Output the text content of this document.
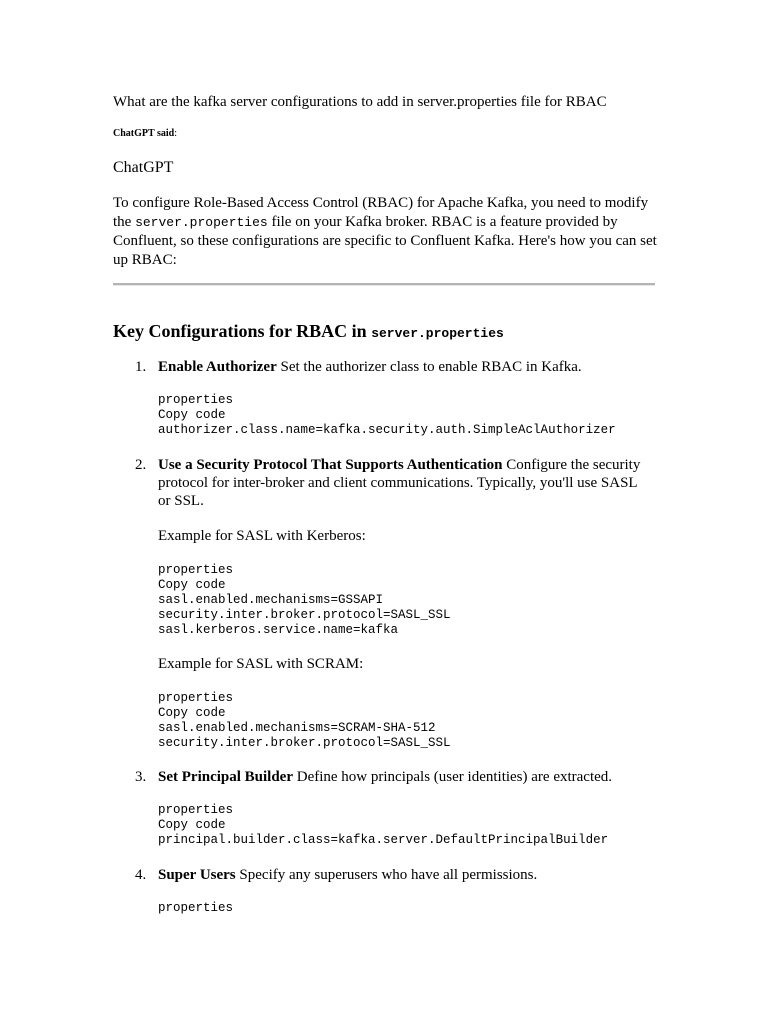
What are the kafka server configurations to add in server.properties file for RBAC
ChatGPT said:
ChatGPT
To configure Role-Based Access Control (RBAC) for Apache Kafka, you need to modify the server.properties file on your Kafka broker. RBAC is a feature provided by Confluent, so these configurations are specific to Confluent Kafka. Here's how you can set up RBAC:
Key Configurations for RBAC in server.properties
1. Enable Authorizer Set the authorizer class to enable RBAC in Kafka.
properties
Copy code
authorizer.class.name=kafka.security.auth.SimpleAclAuthorizer
2. Use a Security Protocol That Supports Authentication Configure the security protocol for inter-broker and client communications. Typically, you'll use SASL or SSL.
Example for SASL with Kerberos:
properties
Copy code
sasl.enabled.mechanisms=GSSAPI
security.inter.broker.protocol=SASL_SSL
sasl.kerberos.service.name=kafka
Example for SASL with SCRAM:
properties
Copy code
sasl.enabled.mechanisms=SCRAM-SHA-512
security.inter.broker.protocol=SASL_SSL
3. Set Principal Builder Define how principals (user identities) are extracted.
properties
Copy code
principal.builder.class=kafka.server.DefaultPrincipalBuilder
4. Super Users Specify any superusers who have all permissions.
properties
